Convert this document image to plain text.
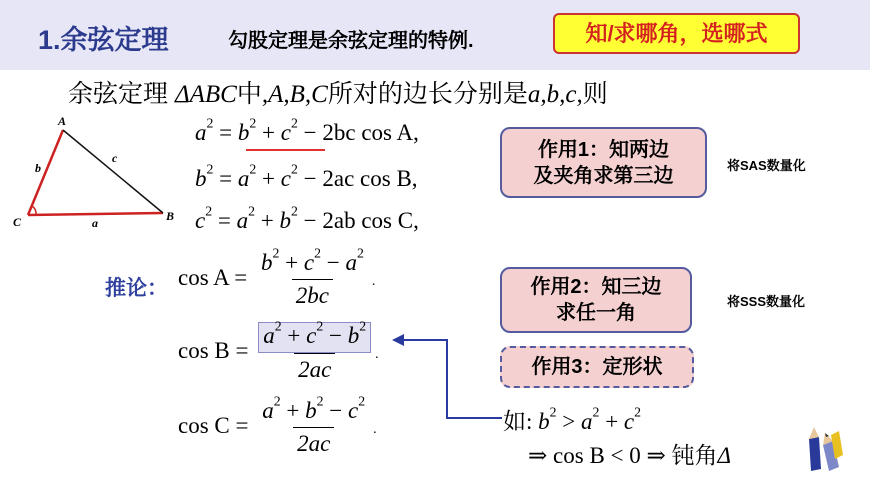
1.余弦定理	勾股定理是余弦定理的特例.	知/求哪角，选哪式
余弦定理 ΔABC中,A,B,C所对的边长分别是a,b,c,则
A
C	B
b
c
a
$a^2 = b^2 + c^2 - 2bc$ cos A,
$b^2 = a^2 + c^2 - 2ac$ cos B,
$c^2 = a^2 + b^2 - 2ab$ cos C,
推论： $\cos A = \frac{b^2 + c^2 - a^2}{2bc}$ .
$\cos B = \frac{a^2 + c^2 - b^2}{2ac}$ .
$\cos C = \frac{a^2 + b^2 - c^2}{2ac}$ .
作用1：知两边
及夹角求第三边	将SAS数量化
作用2：知三边
求任一角
将SSS数量化
作用3：定形状
如: $b^2 > a^2 + c^2$
⇒ cos B < 0 ⇒ 钝角Δ
